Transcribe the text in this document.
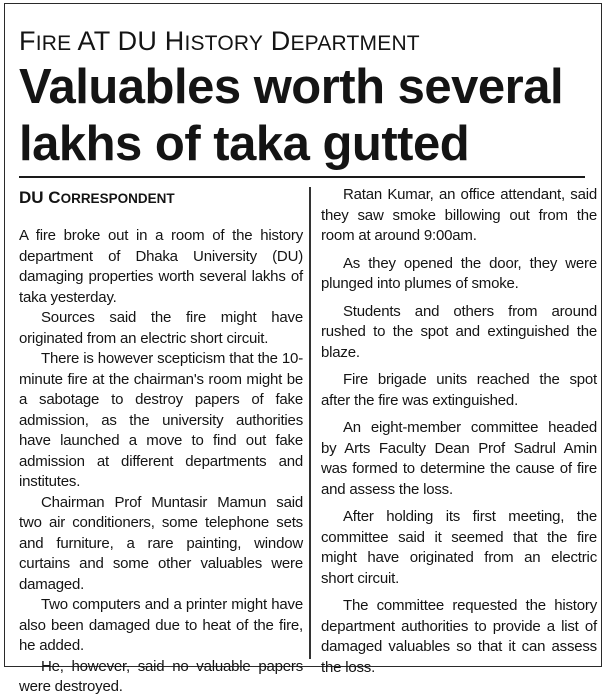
FIRE AT DU HISTORY DEPARTMENT
Valuables worth several
lakhs of taka gutted
DU CORRESPONDENT

A fire broke out in a room of the history department of Dhaka University (DU) damaging properties worth several lakhs of taka yesterday.

Sources said the fire might have originated from an electric short circuit.

There is however scepticism that the 10-minute fire at the chairman's room might be a sabotage to destroy papers of fake admission, as the university authorities have launched a move to find out fake admission at different departments and institutes.

Chairman Prof Muntasir Mamun said two air conditioners, some telephone sets and furniture, a rare painting, window curtains and some other valuables were damaged.

Two computers and a printer might have also been damaged due to heat of the fire, he added.

He, however, said no valuable papers were destroyed.

Ratan Kumar, an office attendant, said they saw smoke billowing out from the room at around 9:00am.

As they opened the door, they were plunged into plumes of smoke.

Students and others from around rushed to the spot and extinguished the blaze.

Fire brigade units reached the spot after the fire was extinguished.

An eight-member committee headed by Arts Faculty Dean Prof Sadrul Amin was formed to determine the cause of fire and assess the loss.

After holding its first meeting, the committee said it seemed that the fire might have originated from an electric short circuit.

The committee requested the history department authorities to provide a list of damaged valuables so that it can assess the loss.
